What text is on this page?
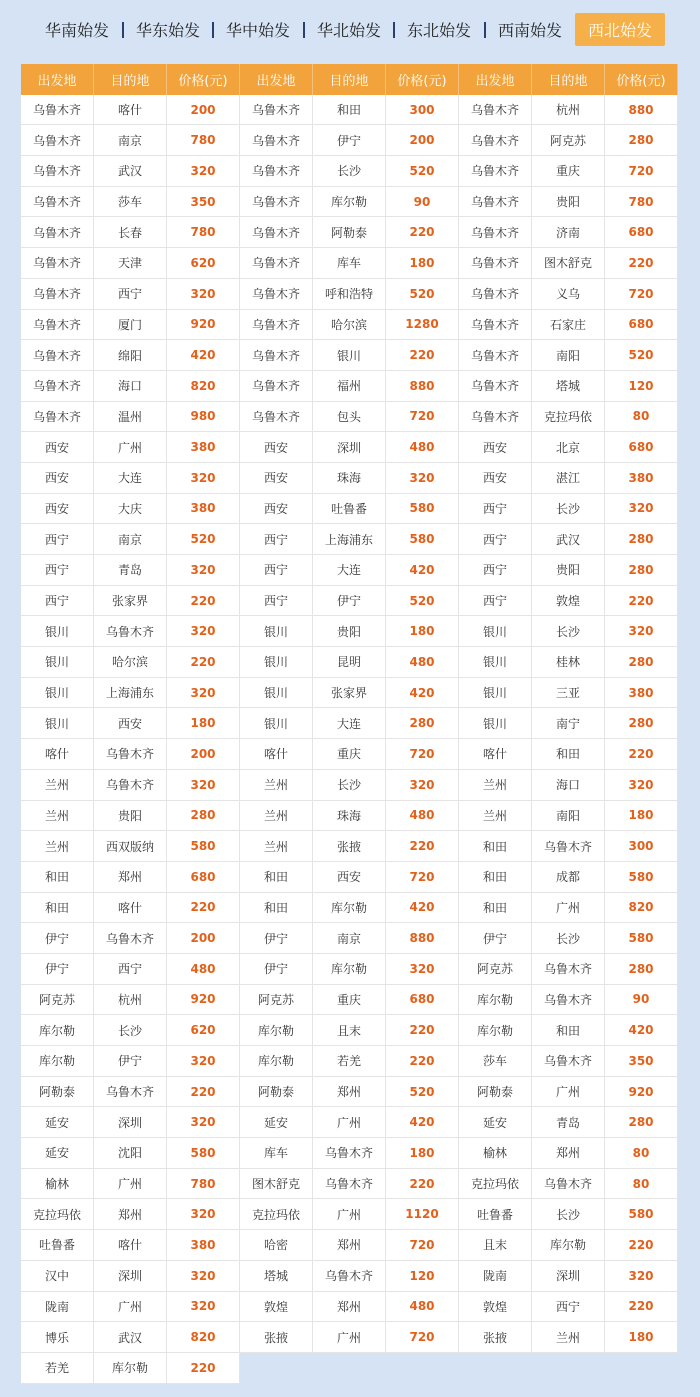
华南始发	华东始发	华中始发	华北始发	东北始发	西南始发	西北始发
出发地	目的地	价格(元)	出发地	目的地	价格(元)	出发地	目的地	价格(元)
乌鲁木齐	喀什	200	乌鲁木齐	和田	300	乌鲁木齐	杭州	880
乌鲁木齐	南京	780	乌鲁木齐	伊宁	200	乌鲁木齐	阿克苏	280
乌鲁木齐	武汉	320	乌鲁木齐	长沙	520	乌鲁木齐	重庆	720
乌鲁木齐	莎车	350	乌鲁木齐	库尔勒	90	乌鲁木齐	贵阳	780
乌鲁木齐	长春	780	乌鲁木齐	阿勒泰	220	乌鲁木齐	济南	680
乌鲁木齐	天津	620	乌鲁木齐	库车	180	乌鲁木齐	图木舒克	220
乌鲁木齐	西宁	320	乌鲁木齐	呼和浩特	520	乌鲁木齐	义乌	720
乌鲁木齐	厦门	920	乌鲁木齐	哈尔滨	1280	乌鲁木齐	石家庄	680
乌鲁木齐	绵阳	420	乌鲁木齐	银川	220	乌鲁木齐	南阳	520
乌鲁木齐	海口	820	乌鲁木齐	福州	880	乌鲁木齐	塔城	120
乌鲁木齐	温州	980	乌鲁木齐	包头	720	乌鲁木齐	克拉玛依	80
西安	广州	380	西安	深圳	480	西安	北京	680
西安	大连	320	西安	珠海	320	西安	湛江	380
西安	大庆	380	西安	吐鲁番	580	西宁	长沙	320
西宁	南京	520	西宁	上海浦东	580	西宁	武汉	280
西宁	青岛	320	西宁	大连	420	西宁	贵阳	280
西宁	张家界	220	西宁	伊宁	520	西宁	敦煌	220
银川	乌鲁木齐	320	银川	贵阳	180	银川	长沙	320
银川	哈尔滨	220	银川	昆明	480	银川	桂林	280
银川	上海浦东	320	银川	张家界	420	银川	三亚	380
银川	西安	180	银川	大连	280	银川	南宁	280
喀什	乌鲁木齐	200	喀什	重庆	720	喀什	和田	220
兰州	乌鲁木齐	320	兰州	长沙	320	兰州	海口	320
兰州	贵阳	280	兰州	珠海	480	兰州	南阳	180
兰州	西双版纳	580	兰州	张掖	220	和田	乌鲁木齐	300
和田	郑州	680	和田	西安	720	和田	成都	580
和田	喀什	220	和田	库尔勒	420	和田	广州	820
伊宁	乌鲁木齐	200	伊宁	南京	880	伊宁	长沙	580
伊宁	西宁	480	伊宁	库尔勒	320	阿克苏	乌鲁木齐	280
阿克苏	杭州	920	阿克苏	重庆	680	库尔勒	乌鲁木齐	90
库尔勒	长沙	620	库尔勒	且末	220	库尔勒	和田	420
库尔勒	伊宁	320	库尔勒	若羌	220	莎车	乌鲁木齐	350
阿勒泰	乌鲁木齐	220	阿勒泰	郑州	520	阿勒泰	广州	920
延安	深圳	320	延安	广州	420	延安	青岛	280
延安	沈阳	580	库车	乌鲁木齐	180	榆林	郑州	80
榆林	广州	780	图木舒克	乌鲁木齐	220	克拉玛依	乌鲁木齐	80
克拉玛依	郑州	320	克拉玛依	广州	1120	吐鲁番	长沙	580
吐鲁番	喀什	380	哈密	郑州	720	且末	库尔勒	220
汉中	深圳	320	塔城	乌鲁木齐	120	陇南	深圳	320
陇南	广州	320	敦煌	郑州	480	敦煌	西宁	220
博乐	武汉	820	张掖	广州	720	张掖	兰州	180
若羌	库尔勒	220
